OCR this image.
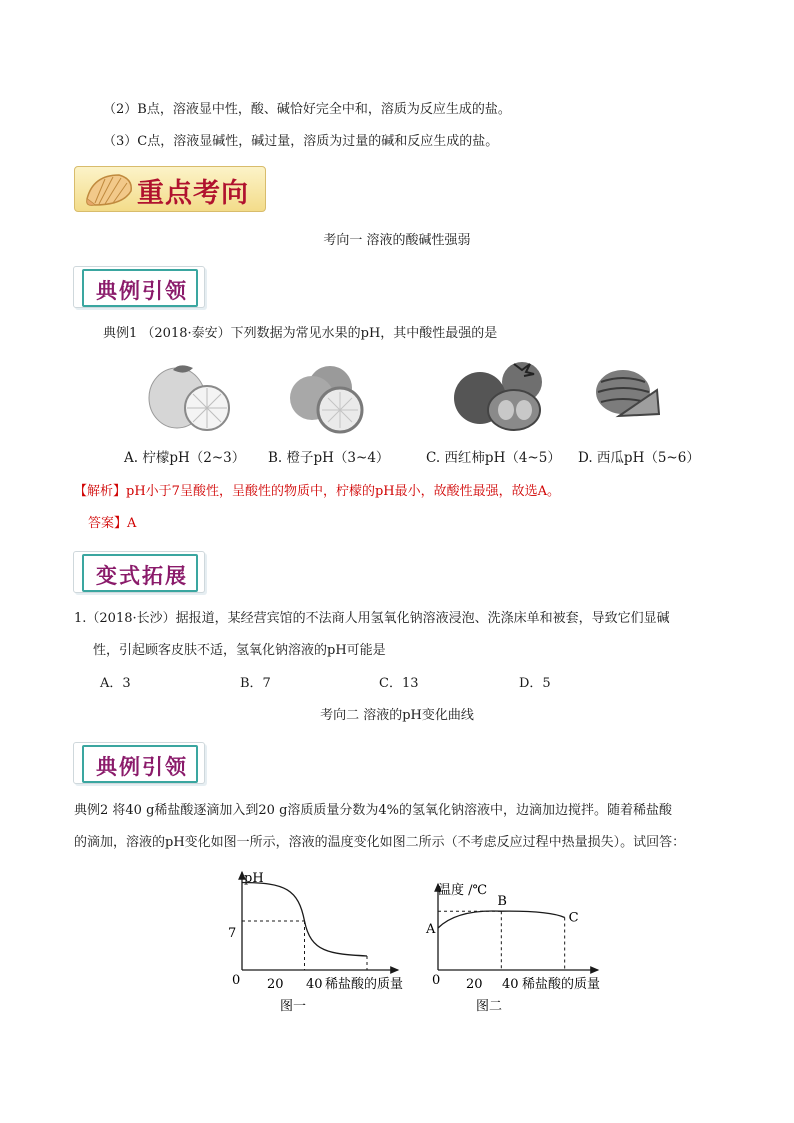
（2）B点，溶液显中性，酸、碱恰好完全中和，溶质为反应生成的盐。
（3）C点，溶液显碱性，碱过量，溶质为过量的碱和反应生成的盐。
重点考向
考向一 溶液的酸碱性强弱
典例引领
典例1 （2018·泰安）下列数据为常见水果的pH，其中酸性最强的是
A. 柠檬pH（2~3） B. 橙子pH（3~4）	C. 西红柿pH（4~5） D. 西瓜pH（5~6）
【解析】pH小于7呈酸性，呈酸性的物质中，柠檬的pH最小，故酸性最强，故选A。
答案】A
变式拓展
1.（2018·长沙）据报道，某经营宾馆的不法商人用氢氧化钠溶液浸泡、洗涤床单和被套，导致它们显碱
性，引起顾客皮肤不适，氢氧化钠溶液的pH可能是
A．3	B．7	C．13	D．5
考向二 溶液的pH变化曲线
典例引领
典例2 将40 g稀盐酸逐滴加入到20 g溶质质量分数为4%的氢氧化钠溶液中，边滴加边搅拌。随着稀盐酸
的滴加，溶液的pH变化如图一所示，溶液的温度变化如图二所示（不考虑反应过程中热量损失）。试回答：
pH
稀盐酸的质量
图一
0 20 40
7
温度 /℃
稀盐酸的质量
图二
0 20 40
A
B
C
